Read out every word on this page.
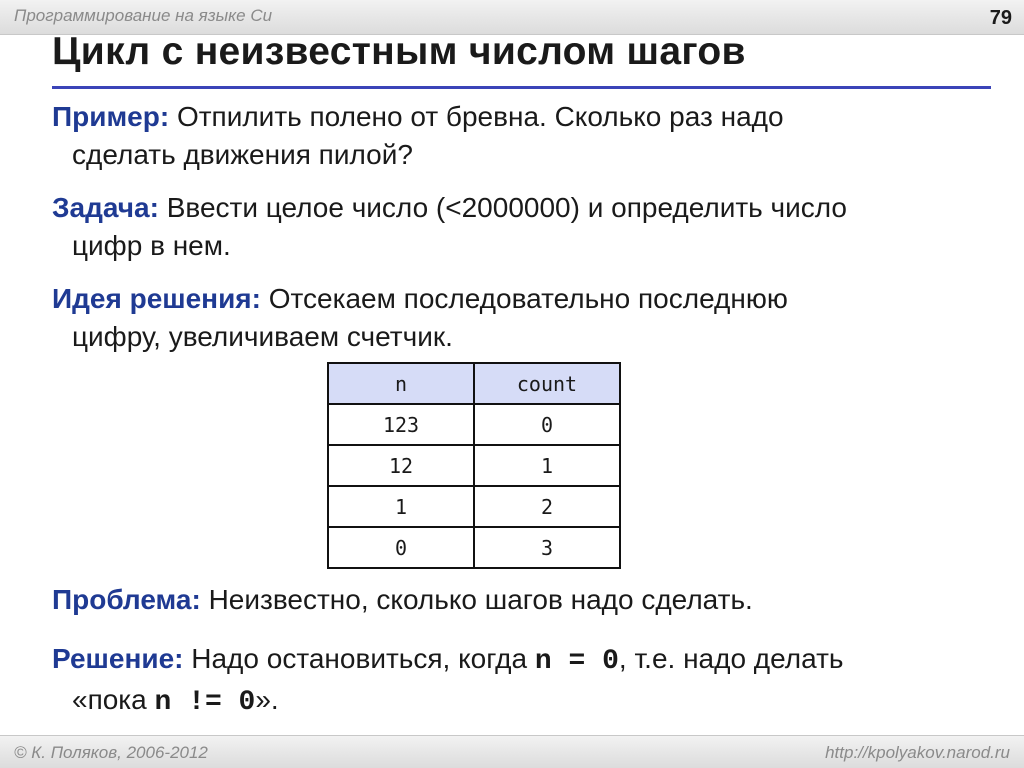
Программирование на языке Си	79
Цикл с неизвестным числом шагов
Пример: Отпилить полено от бревна. Сколько раз надо
сделать движения пилой?
Задача: Ввести целое число (<2000000) и определить число
цифр в нем.
Идея решения: Отсекаем последовательно последнюю
цифру, увеличиваем счетчик.
n	count
123	0
12	1
1	2
0	3
Проблема: Неизвестно, сколько шагов надо сделать.
Решение: Надо остановиться, когда n = 0, т.е. надо делать
«пока n != 0».
© К. Поляков, 2006-2012	http://kpolyakov.narod.ru
